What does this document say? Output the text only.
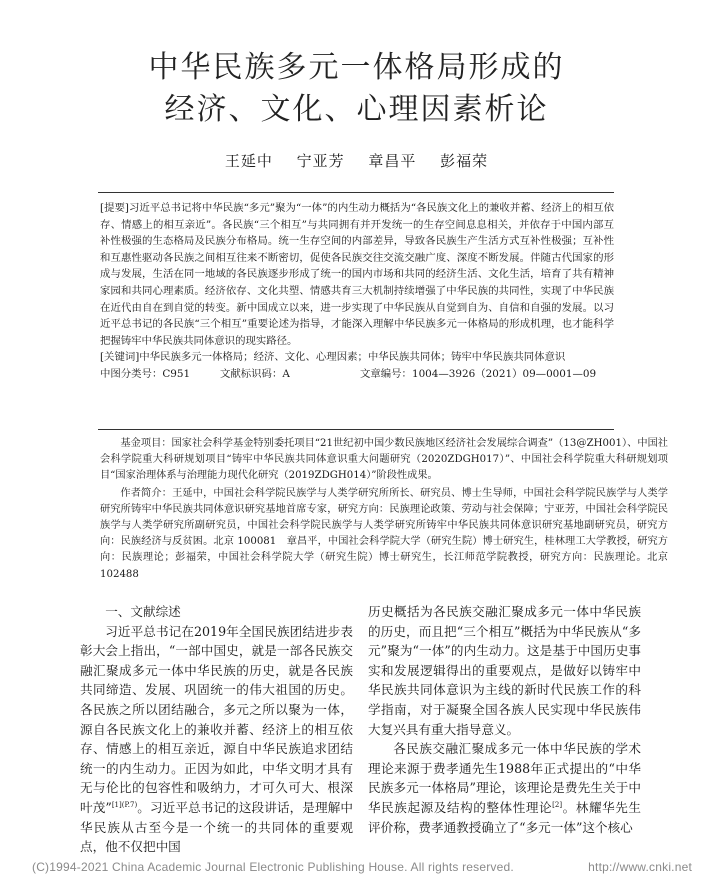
中华民族多元一体格局形成的
经济、文化、心理因素析论
王延中 宁亚芳 章昌平 彭福荣

[提要]习近平总书记将中华民族“多元”聚为“一体”的内生动力概括为“各民族文化上的兼收并蓄、经济上的相互依存、情感上的相互亲近”。各民族“三个相互”与共同拥有并开发统一的生存空间息息相关，并依存于中国内部互补性极强的生态格局及民族分布格局。统一生存空间的内部差异，导致各民族生产生活方式互补性极强；互补性和互惠性驱动各民族之间相互往来不断密切，促使各民族交往交流交融广度、深度不断发展。伴随古代国家的形成与发展，生活在同一地域的各民族逐步形成了统一的国内市场和共同的经济生活、文化生活，培育了共有精神家园和共同心理素质。经济依存、文化共塑、情感共育三大机制持续增强了中华民族的共同性，实现了中华民族在近代由自在到自觉的转变。新中国成立以来，进一步实现了中华民族从自觉到自为、自信和自强的发展。以习近平总书记的各民族“三个相互”重要论述为指导，才能深入理解中华民族多元一体格局的形成机理，也才能科学把握铸牢中华民族共同体意识的现实路径。

[关键词]中华民族多元一体格局；经济、文化、心理因素；中华民族共同体；铸牢中华民族共同体意识

中图分类号：C951	文献标识码：A	文章编号：1004—3926（2021）09—0001—09

基金项目：国家社会科学基金特别委托项目“21世纪初中国少数民族地区经济社会发展综合调查”（13@ZH001）、中国社会科学院重大科研规划项目“铸牢中华民族共同体意识重大问题研究（2020ZDGH017）”、中国社会科学院重大科研规划项目“国家治理体系与治理能力现代化研究（2019ZDGH014）”阶段性成果。

作者简介：王延中，中国社会科学院民族学与人类学研究所所长、研究员、博士生导师，中国社会科学院民族学与人类学研究所铸牢中华民族共同体意识研究基地首席专家，研究方向：民族理论政策、劳动与社会保障；宁亚芳，中国社会科学院民族学与人类学研究所副研究员，中国社会科学院民族学与人类学研究所铸牢中华民族共同体意识研究基地副研究员，研究方向：民族经济与反贫困。北京 100081　章昌平，中国社会科学院大学（研究生院）博士研究生，桂林理工大学教授，研究方向：民族理论；彭福荣，中国社会科学院大学（研究生院）博士研究生，长江师范学院教授，研究方向：民族理论。北京 102488

一、文献综述

习近平总书记在2019年全国民族团结进步表彰大会上指出，“一部中国史，就是一部各民族交融汇聚成多元一体中华民族的历史，就是各民族共同缔造、发展、巩固统一的伟大祖国的历史。各民族之所以团结融合，多元之所以聚为一体，源自各民族文化上的兼收并蓄、经济上的相互依存、情感上的相互亲近，源自中华民族追求团结统一的内生动力。正因为如此，中华文明才具有无与伦比的包容性和吸纳力，才可久可大、根深叶茂”$^{[1](P.7)}$。习近平总书记的这段讲话，是理解中华民族从古至今是一个统一的共同体的重要观点，他不仅把中国

历史概括为各民族交融汇聚成多元一体中华民族的历史，而且把“三个相互”概括为中华民族从“多元”聚为“一体”的内生动力。这是基于中国历史事实和发展逻辑得出的重要观点，是做好以铸牢中华民族共同体意识为主线的新时代民族工作的科学指南，对于凝聚全国各族人民实现中华民族伟大复兴具有重大指导意义。

各民族交融汇聚成多元一体中华民族的学术理论来源于费孝通先生1988年正式提出的“中华民族多元一体格局”理论，该理论是费先生关于中华民族起源及结构的整体性理论[2]。林耀华先生评价称，费孝通教授确立了“多元一体”这个核心

(C)1994-2021 China Academic Journal Electronic Publishing House. All rights reserved.	http://www.cnki.net
